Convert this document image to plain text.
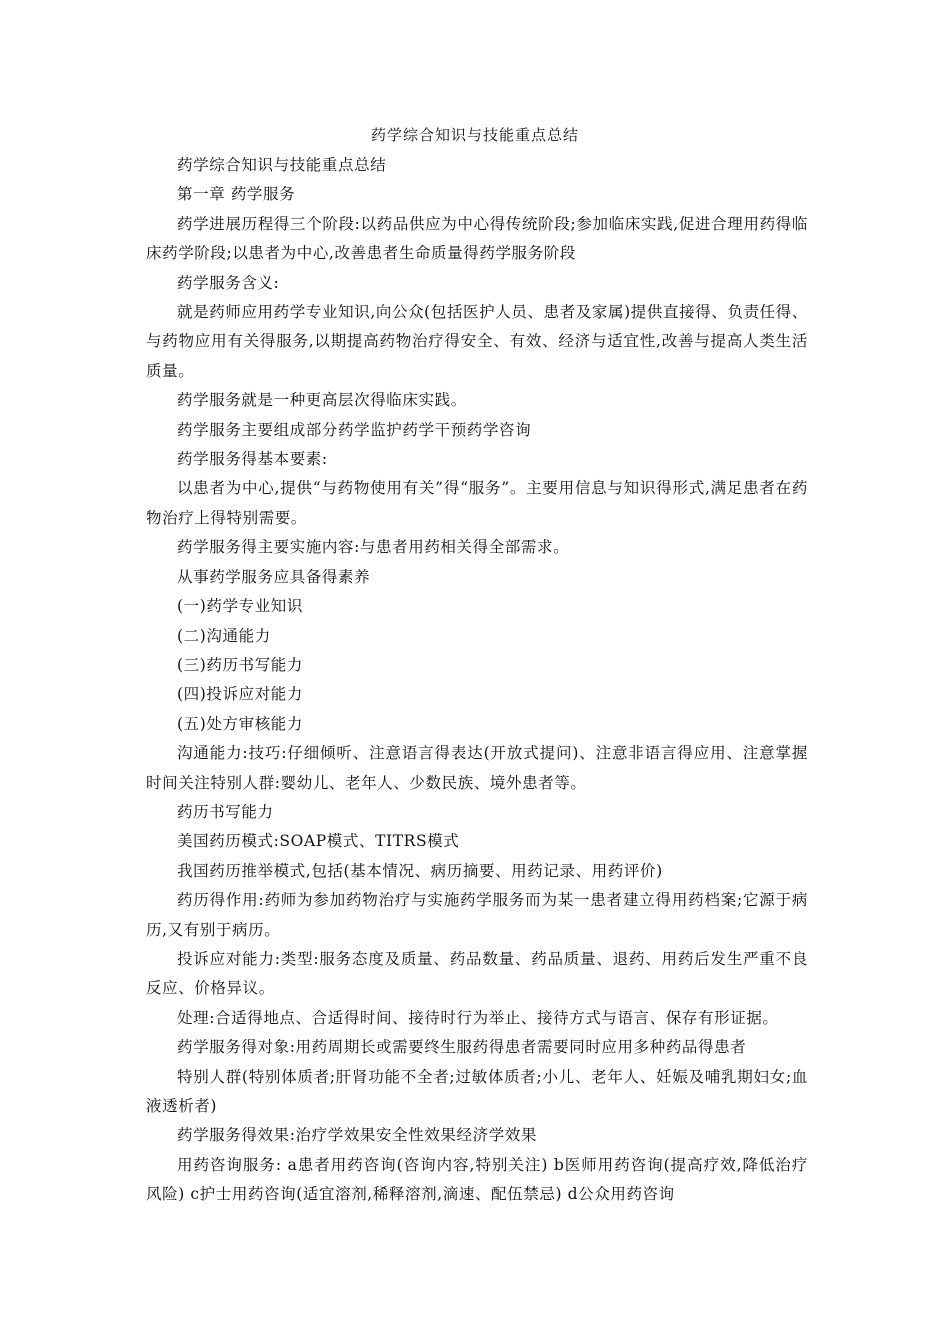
药学综合知识与技能重点总结

药学综合知识与技能重点总结

第一章 药学服务

药学进展历程得三个阶段:以药品供应为中心得传统阶段;参加临床实践,促进合理用药得临床药学阶段;以患者为中心,改善患者生命质量得药学服务阶段

药学服务含义:

就是药师应用药学专业知识,向公众(包括医护人员、患者及家属)提供直接得、负责任得、与药物应用有关得服务,以期提高药物治疗得安全、有效、经济与适宜性,改善与提高人类生活质量。

药学服务就是一种更高层次得临床实践。

药学服务主要组成部分药学监护药学干预药学咨询

药学服务得基本要素:

以患者为中心,提供“与药物使用有关”得“服务”。主要用信息与知识得形式,满足患者在药物治疗上得特别需要。

药学服务得主要实施内容:与患者用药相关得全部需求。

从事药学服务应具备得素养

(一)药学专业知识

(二)沟通能力

(三)药历书写能力

(四)投诉应对能力

(五)处方审核能力

沟通能力:技巧:仔细倾听、注意语言得表达(开放式提问)、注意非语言得应用、注意掌握时间关注特别人群:婴幼儿、老年人、少数民族、境外患者等。

药历书写能力

美国药历模式:SOAP模式、TITRS模式

我国药历推举模式,包括(基本情况、病历摘要、用药记录、用药评价)

药历得作用:药师为参加药物治疗与实施药学服务而为某一患者建立得用药档案;它源于病历,又有别于病历。

投诉应对能力:类型:服务态度及质量、药品数量、药品质量、退药、用药后发生严重不良反应、价格异议。

处理:合适得地点、合适得时间、接待时行为举止、接待方式与语言、保存有形证据。

药学服务得对象:用药周期长或需要终生服药得患者需要同时应用多种药品得患者

特别人群(特别体质者;肝肾功能不全者;过敏体质者;小儿、老年人、妊娠及哺乳期妇女;血液透析者)

药学服务得效果:治疗学效果安全性效果经济学效果

用药咨询服务: a患者用药咨询(咨询内容,特别关注) b医师用药咨询(提高疗效,降低治疗风险) c护士用药咨询(适宜溶剂,稀释溶剂,滴速、配伍禁忌) d公众用药咨询
